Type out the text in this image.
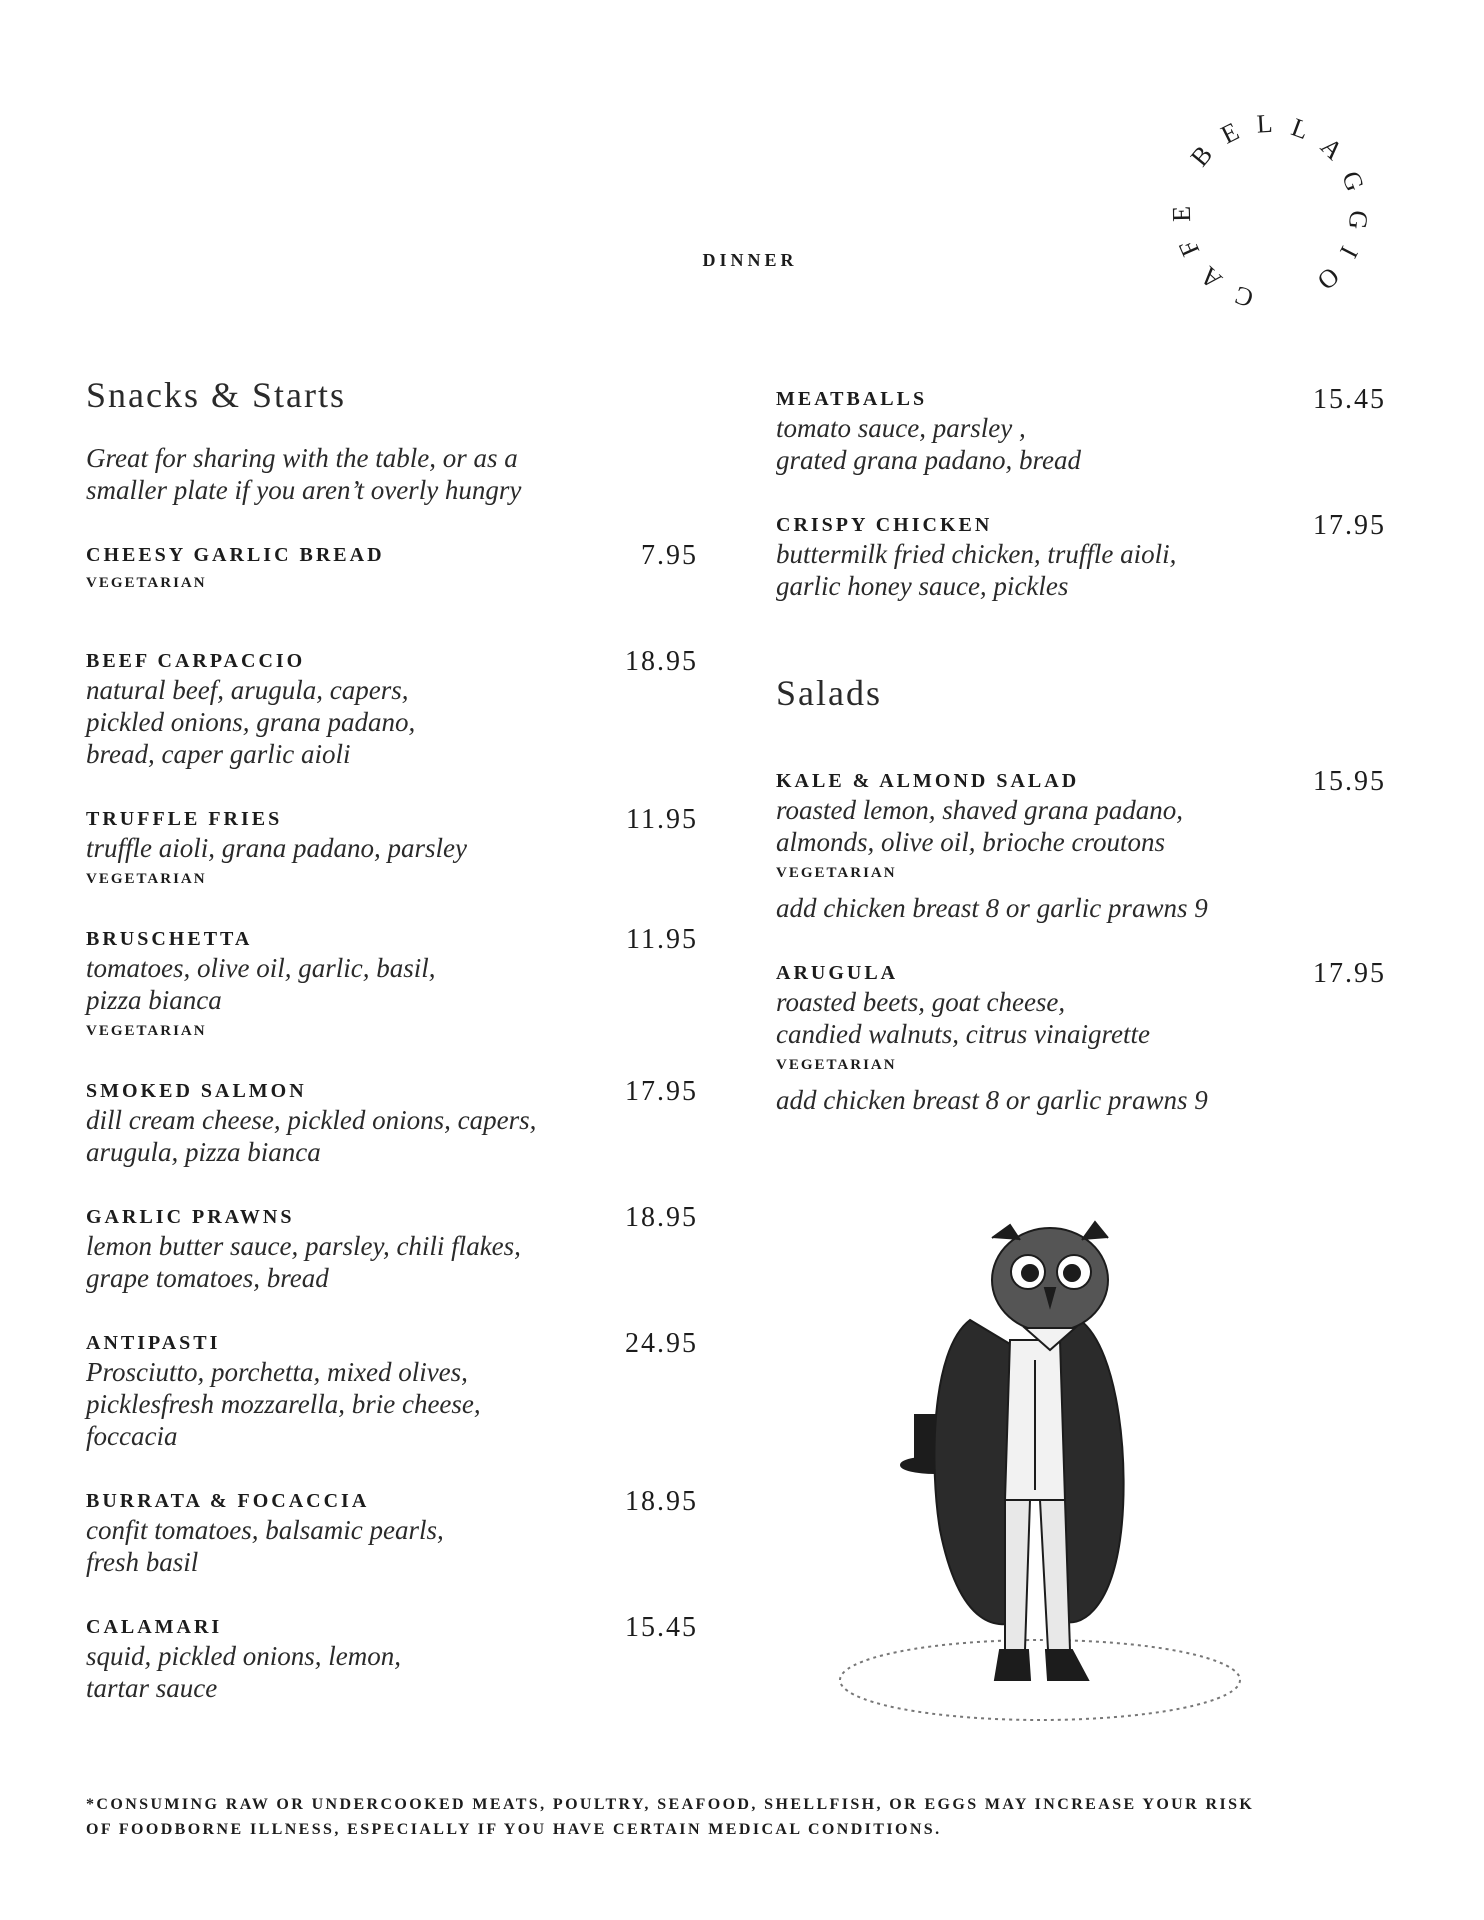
DINNER
CAFE BELLAGGIO
Snacks & Starts
Great for sharing with the table, or as a
smaller plate if you aren’t overly hungry
CHEESY GARLIC BREAD	7.95
VEGETARIAN
BEEF CARPACCIO	18.95
natural beef, arugula, capers,
pickled onions, grana padano,
bread, caper garlic aioli
TRUFFLE FRIES	11.95
truffle aioli, grana padano, parsley
VEGETARIAN
BRUSCHETTA	11.95
tomatoes, olive oil, garlic, basil,
pizza bianca
VEGETARIAN
SMOKED SALMON	17.95
dill cream cheese, pickled onions, capers,
arugula, pizza bianca
GARLIC PRAWNS	18.95
lemon butter sauce, parsley, chili flakes,
grape tomatoes, bread
ANTIPASTI	24.95
Prosciutto, porchetta, mixed olives,
picklesfresh mozzarella, brie cheese,
foccacia
BURRATA & FOCACCIA	18.95
confit tomatoes, balsamic pearls,
fresh basil
CALAMARI	15.45
squid, pickled onions, lemon,
tartar sauce
MEATBALLS	15.45
tomato sauce, parsley ,
grated grana padano, bread
CRISPY CHICKEN	17.95
buttermilk fried chicken, truffle aioli,
garlic honey sauce, pickles
Salads
KALE & ALMOND SALAD	15.95
roasted lemon, shaved grana padano,
almonds, olive oil, brioche croutons
VEGETARIAN
add chicken breast 8 or garlic prawns 9
ARUGULA	17.95
roasted beets, goat cheese,
candied walnuts, citrus vinaigrette
VEGETARIAN
add chicken breast 8 or garlic prawns 9
*CONSUMING RAW OR UNDERCOOKED MEATS, POULTRY, SEAFOOD, SHELLFISH, OR EGGS MAY INCREASE YOUR RISK OF FOODBORNE ILLNESS, ESPECIALLY IF YOU HAVE CERTAIN MEDICAL CONDITIONS.
